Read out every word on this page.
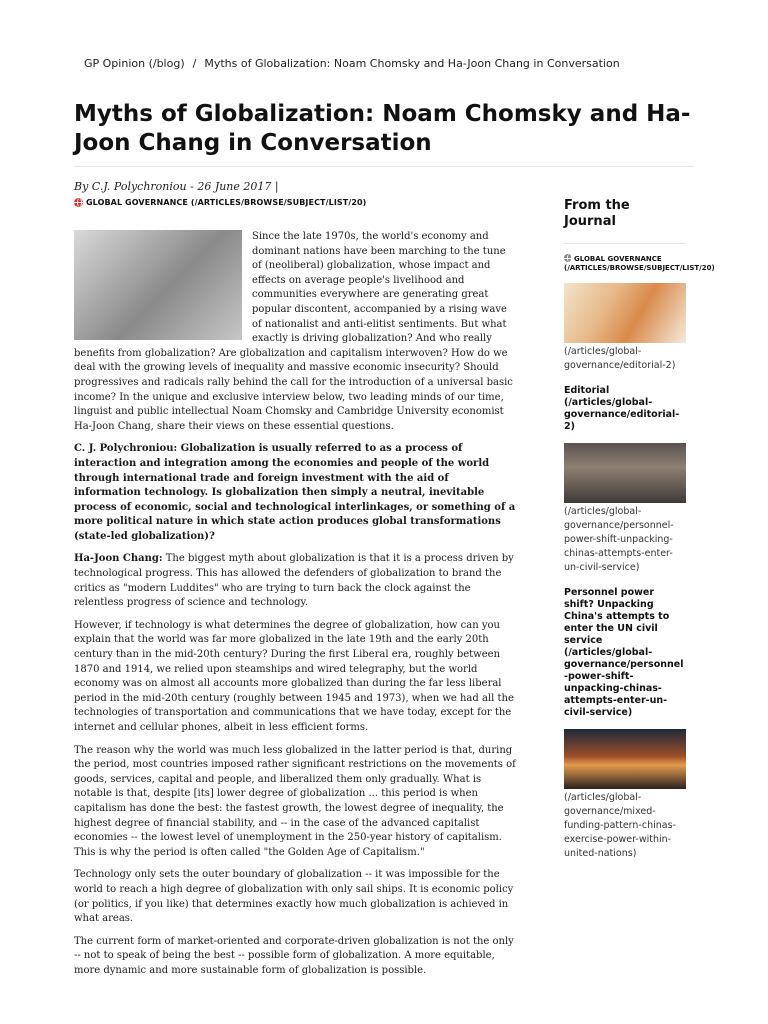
GP Opinion (/blog) / Myths of Globalization: Noam Chomsky and Ha-Joon Chang in Conversation
Myths of Globalization: Noam Chomsky and Ha-Joon Chang in Conversation
By C.J. Polychroniou - 26 June 2017 |
GLOBAL GOVERNANCE (/ARTICLES/BROWSE/SUBJECT/LIST/20)

Since the late 1970s, the world's economy and dominant nations have been marching to the tune of (neoliberal) globalization, whose impact and effects on average people's livelihood and communities everywhere are generating great popular discontent, accompanied by a rising wave of nationalist and anti-elitist sentiments. But what exactly is driving globalization? And who really benefits from globalization? Are globalization and capitalism interwoven? How do we deal with the growing levels of inequality and massive economic insecurity? Should progressives and radicals rally behind the call for the introduction of a universal basic income? In the unique and exclusive interview below, two leading minds of our time, linguist and public intellectual Noam Chomsky and Cambridge University economist Ha-Joon Chang, share their views on these essential questions.

C. J. Polychroniou: Globalization is usually referred to as a process of interaction and integration among the economies and people of the world through international trade and foreign investment with the aid of information technology. Is globalization then simply a neutral, inevitable process of economic, social and technological interlinkages, or something of a more political nature in which state action produces global transformations (state-led globalization)?

Ha-Joon Chang: The biggest myth about globalization is that it is a process driven by technological progress. This has allowed the defenders of globalization to brand the critics as "modern Luddites" who are trying to turn back the clock against the relentless progress of science and technology.

However, if technology is what determines the degree of globalization, how can you explain that the world was far more globalized in the late 19th and the early 20th century than in the mid-20th century? During the first Liberal era, roughly between 1870 and 1914, we relied upon steamships and wired telegraphy, but the world economy was on almost all accounts more globalized than during the far less liberal period in the mid-20th century (roughly between 1945 and 1973), when we had all the technologies of transportation and communications that we have today, except for the internet and cellular phones, albeit in less efficient forms.

The reason why the world was much less globalized in the latter period is that, during the period, most countries imposed rather significant restrictions on the movements of goods, services, capital and people, and liberalized them only gradually. What is notable is that, despite [its] lower degree of globalization ... this period is when capitalism has done the best: the fastest growth, the lowest degree of inequality, the highest degree of financial stability, and -- in the case of the advanced capitalist economies -- the lowest level of unemployment in the 250-year history of capitalism. This is why the period is often called "the Golden Age of Capitalism."

Technology only sets the outer boundary of globalization -- it was impossible for the world to reach a high degree of globalization with only sail ships. It is economic policy (or politics, if you like) that determines exactly how much globalization is achieved in what areas.

The current form of market-oriented and corporate-driven globalization is not the only -- not to speak of being the best -- possible form of globalization. A more equitable, more dynamic and more sustainable form of globalization is possible.

From the Journal
GLOBAL GOVERNANCE (/ARTICLES/BROWSE/SUBJECT/LIST/20)
(/articles/global-governance/editorial-2)
Editorial (/articles/global-governance/editorial-2)
(/articles/global-governance/personnel-power-shift-unpacking-chinas-attempts-enter-un-civil-service)
Personnel power shift? Unpacking China's attempts to enter the UN civil service (/articles/global-governance/personnel-power-shift-unpacking-chinas-attempts-enter-un-civil-service)
(/articles/global-governance/mixed-funding-pattern-chinas-exercise-power-within-united-nations)
